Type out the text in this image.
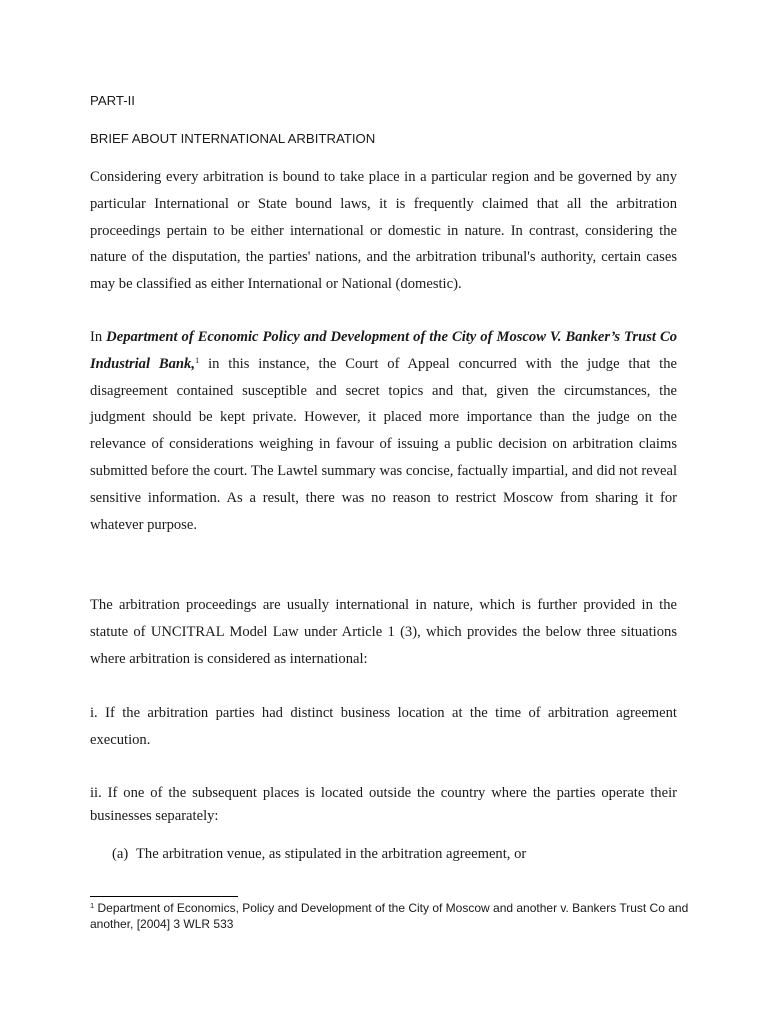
PART-II
BRIEF ABOUT INTERNATIONAL ARBITRATION

Considering every arbitration is bound to take place in a particular region and be governed by any particular International or State bound laws, it is frequently claimed that all the arbitration proceedings pertain to be either international or domestic in nature. In contrast, considering the nature of the disputation, the parties' nations, and the arbitration tribunal's authority, certain cases may be classified as either International or National (domestic).

In Department of Economic Policy and Development of the City of Moscow V. Banker’s Trust Co Industrial Bank,$^1$ in this instance, the Court of Appeal concurred with the judge that the disagreement contained susceptible and secret topics and that, given the circumstances, the judgment should be kept private. However, it placed more importance than the judge on the relevance of considerations weighing in favour of issuing a public decision on arbitration claims submitted before the court. The Lawtel summary was concise, factually impartial, and did not reveal sensitive information. As a result, there was no reason to restrict Moscow from sharing it for whatever purpose.

The arbitration proceedings are usually international in nature, which is further provided in the statute of UNCITRAL Model Law under Article 1 (3), which provides the below three situations where arbitration is considered as international:

i. If the arbitration parties had distinct business location at the time of arbitration agreement execution.

ii. If one of the subsequent places is located outside the country where the parties operate their businesses separately:

(a) The arbitration venue, as stipulated in the arbitration agreement, or
$^1$ Department of Economics, Policy and Development of the City of Moscow and another v. Bankers Trust Co and another, [2004] 3 WLR 533
